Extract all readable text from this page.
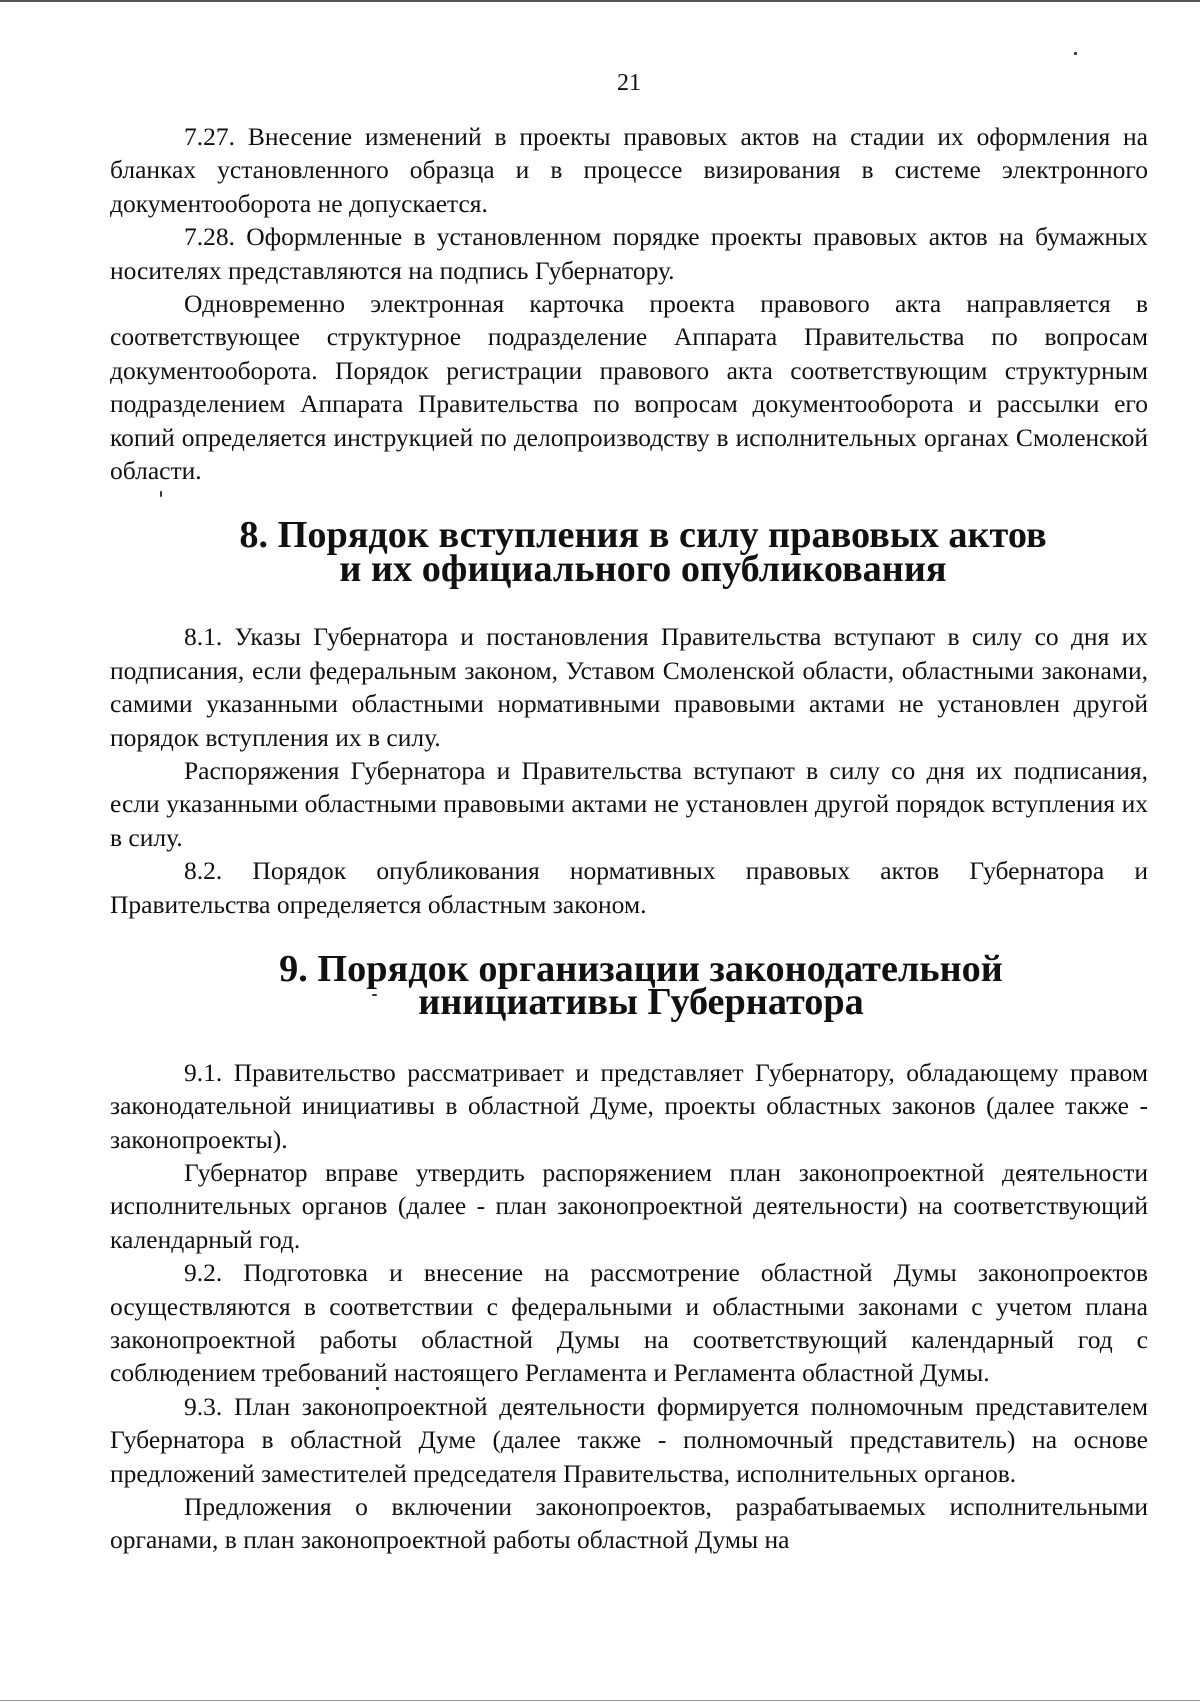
21

7.27. Внесение изменений в проекты правовых актов на стадии их оформления на бланках установленного образца и в процессе визирования в системе электронного документооборота не допускается.

7.28. Оформленные в установленном порядке проекты правовых актов на бумажных носителях представляются на подпись Губернатору.

Одновременно электронная карточка проекта правового акта направляется в соответствующее структурное подразделение Аппарата Правительства по вопросам документооборота. Порядок регистрации правового акта соответствующим структурным подразделением Аппарата Правительства по вопросам документооборота и рассылки его копий определяется инструкцией по делопроизводству в исполнительных органах Смоленской области.

8. Порядок вступления в силу правовых актов
и их официального опубликования

8.1. Указы Губернатора и постановления Правительства вступают в силу со дня их подписания, если федеральным законом, Уставом Смоленской области, областными законами, самими указанными областными нормативными правовыми актами не установлен другой порядок вступления их в силу.

Распоряжения Губернатора и Правительства вступают в силу со дня их подписания, если указанными областными правовыми актами не установлен другой порядок вступления их в силу.

8.2. Порядок опубликования нормативных правовых актов Губернатора и Правительства определяется областным законом.

9. Порядок организации законодательной
инициативы Губернатора

9.1. Правительство рассматривает и представляет Губернатору, обладающему правом законодательной инициативы в областной Думе, проекты областных законов (далее также - законопроекты).

Губернатор вправе утвердить распоряжением план законопроектной деятельности исполнительных органов (далее - план законопроектной деятельности) на соответствующий календарный год.

9.2. Подготовка и внесение на рассмотрение областной Думы законопроектов осуществляются в соответствии с федеральными и областными законами с учетом плана законопроектной работы областной Думы на соответствующий календарный год с соблюдением требований настоящего Регламента и Регламента областной Думы.

9.3. План законопроектной деятельности формируется полномочным представителем Губернатора в областной Думе (далее также - полномочный представитель) на основе предложений заместителей председателя Правительства, исполнительных органов.

Предложения о включении законопроектов, разрабатываемых исполнительными органами, в план законопроектной работы областной Думы на
